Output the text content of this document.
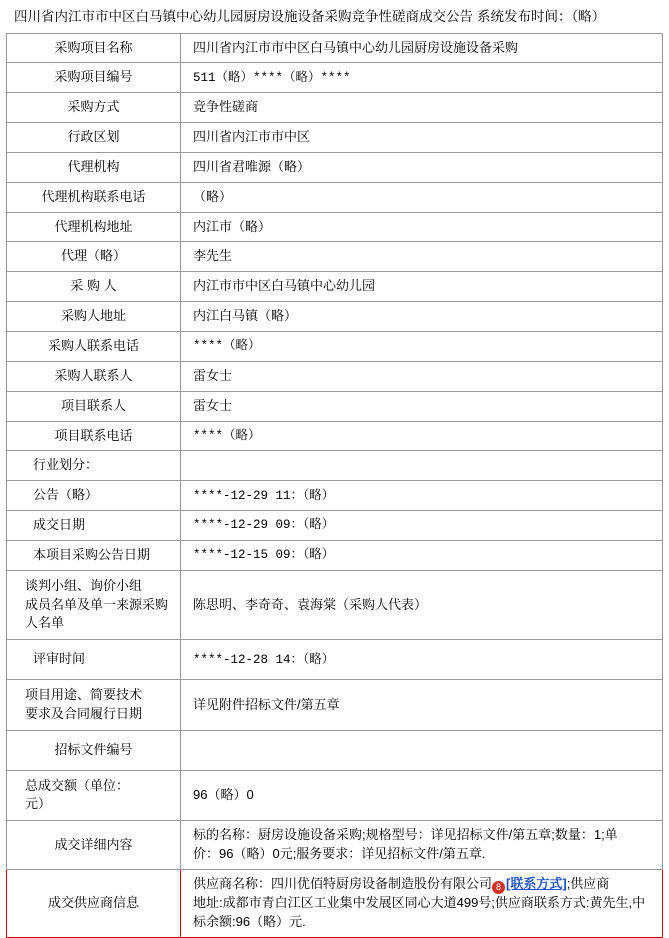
四川省内江市市中区白马镇中心幼儿园厨房设施设备采购竞争性磋商成交公告 系统发布时间：（略）
采购项目名称	四川省内江市市中区白马镇中心幼儿园厨房设施设备采购
采购项目编号	511（略）****（略）****
采购方式	竞争性磋商
行政区划	四川省内江市市中区
代理机构	四川省君唯源（略）
代理机构联系电话	（略）
代理机构地址	内江市（略）
代理（略）	李先生
采 购 人	内江市市中区白马镇中心幼儿园
采购人地址	内江白马镇（略）
采购人联系电话	****（略）
采购人联系人	雷女士
项目联系人	雷女士
项目联系电话	****（略）
行业划分：	
公告（略）	****-12-29 11：（略）
成交日期	****-12-29 09：（略）
本项目采购公告日期	****-12-15 09：（略）

谈判小组、询价小组
成员名单及单一来源采购
人名单	陈思明、李奇奇、袁海棠（采购人代表）
评审时间	****-12-28 14：（略）

项目用途、简要技术
要求及合同履行日期	详见附件招标文件/第五章
招标文件编号	

总成交额（单位：
元）	96（略）0
成交详细内容	标的名称：厨房设施设备采购;规格型号：详见招标文件/第五章;数量：1;单
价：96（略）0元;服务要求：详见招标文件/第五章.

成交供应商信息	供应商名称：四川优佰特厨房设备制造股份有限公司 8 [联系方式];供应商
地址:成都市青白江区工业集中发展区同心大道499号;供应商联系方式:黄先生,中
标余额:96（略）元.
